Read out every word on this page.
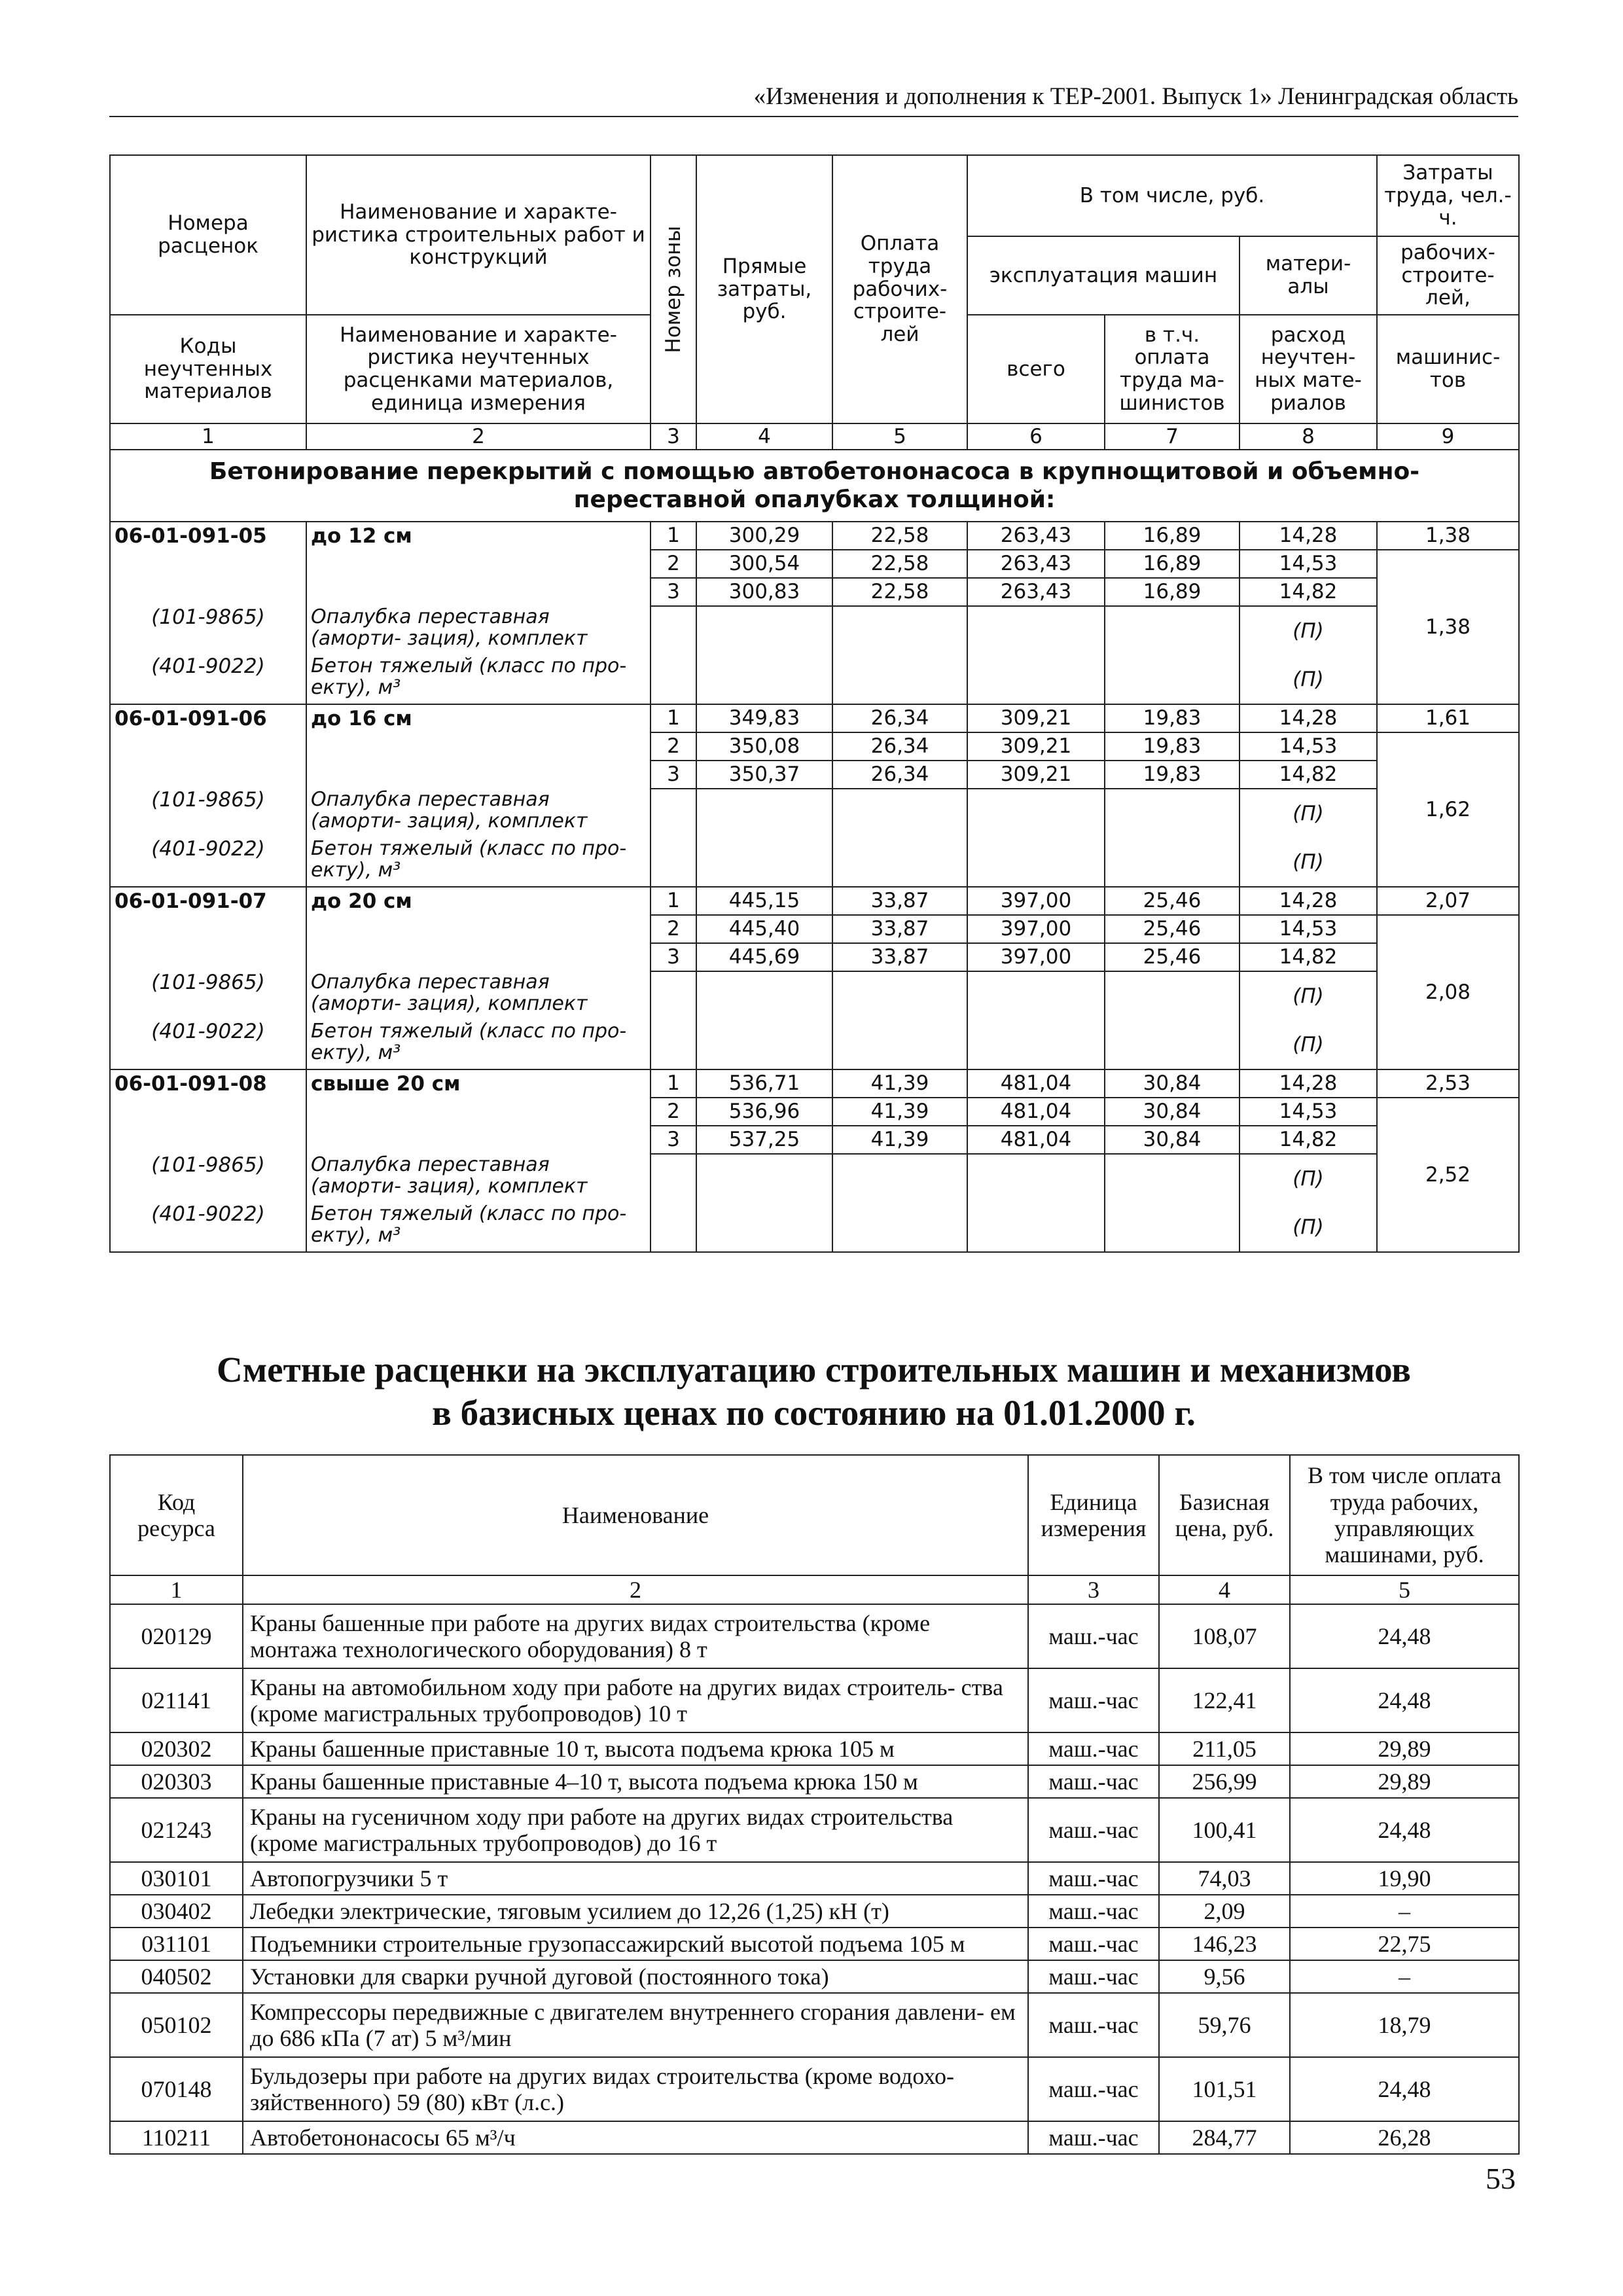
«Изменения и дополнения к ТЕР-2001. Выпуск 1» Ленинградская область
Номера расценок	Наименование и характе- ристика строительных работ и конструкций	Номер зоны	Прямые затраты, руб.	Оплата труда рабочих- строите- лей	В том числе, руб.			Затраты труда, чел.-ч.
					эксплуатация машин		матери- алы	рабочих- строите- лей,
Коды неучтенных материалов	Наименование и характе- ристика неучтенных расценками материалов, единица измерения				всего	в т.ч. оплата труда ма- шинистов	расход неучтен- ных мате- риалов	машинис- тов
1	2	3	4	5	6	7	8	9
Бетонирование перекрытий с помощью автобетононасоса в крупнощитовой и объемно-переставной опалубках толщиной:								
06-01-091-05	до 12 см	1	300,29	22,58	263,43	16,89	14,28	1,38
		2	300,54	22,58	263,43	16,89	14,53	1,38
		3	300,83	22,58	263,43	16,89	14,82	
(101-9865)	Опалубка переставная (аморти- зация), комплект						(П)	
(401-9022)	Бетон тяжелый (класс по про- екту), м³						(П)	
06-01-091-06	до 16 см	1	349,83	26,34	309,21	19,83	14,28	1,61
		2	350,08	26,34	309,21	19,83	14,53	1,62
		3	350,37	26,34	309,21	19,83	14,82	
(101-9865)	Опалубка переставная (аморти- зация), комплект						(П)	
(401-9022)	Бетон тяжелый (класс по про- екту), м³						(П)	
06-01-091-07	до 20 см	1	445,15	33,87	397,00	25,46	14,28	2,07
		2	445,40	33,87	397,00	25,46	14,53	2,08
		3	445,69	33,87	397,00	25,46	14,82	
(101-9865)	Опалубка переставная (аморти- зация), комплект						(П)	
(401-9022)	Бетон тяжелый (класс по про- екту), м³						(П)	
06-01-091-08	свыше 20 см	1	536,71	41,39	481,04	30,84	14,28	2,53
		2	536,96	41,39	481,04	30,84	14,53	2,52
		3	537,25	41,39	481,04	30,84	14,82	
(101-9865)	Опалубка переставная (аморти- зация), комплект						(П)	
(401-9022)	Бетон тяжелый (класс по про- екту), м³						(П)	
Сметные расценки на эксплуатацию строительных машин и механизмов
в базисных ценах по состоянию на 01.01.2000 г.
Код ресурса	Наименование	Единица измерения	Базисная цена, руб.	В том числе оплата труда рабочих, управляющих машинами, руб.
1	2	3	4	5
020129	Краны башенные при работе на других видах строительства (кроме монтажа технологического оборудования) 8 т	маш.-час	108,07	24,48
021141	Краны на автомобильном ходу при работе на других видах строитель- ства (кроме магистральных трубопроводов) 10 т	маш.-час	122,41	24,48
020302	Краны башенные приставные 10 т, высота подъема крюка 105 м	маш.-час	211,05	29,89
020303	Краны башенные приставные 4–10 т, высота подъема крюка 150 м	маш.-час	256,99	29,89
021243	Краны на гусеничном ходу при работе на других видах строительства (кроме магистральных трубопроводов) до 16 т	маш.-час	100,41	24,48
030101	Автопогрузчики 5 т	маш.-час	74,03	19,90
030402	Лебедки электрические, тяговым усилием до 12,26 (1,25) кН (т)	маш.-час	2,09	–
031101	Подъемники строительные грузопассажирский высотой подъема 105 м	маш.-час	146,23	22,75
040502	Установки для сварки ручной дуговой (постоянного тока)	маш.-час	9,56	–
050102	Компрессоры передвижные с двигателем внутреннего сгорания давлени- ем до 686 кПа (7 ат) 5 м³/мин	маш.-час	59,76	18,79
070148	Бульдозеры при работе на других видах строительства (кроме водохо- зяйственного) 59 (80) кВт (л.с.)	маш.-час	101,51	24,48
110211	Автобетононасосы 65 м³/ч	маш.-час	284,77	26,28
53
